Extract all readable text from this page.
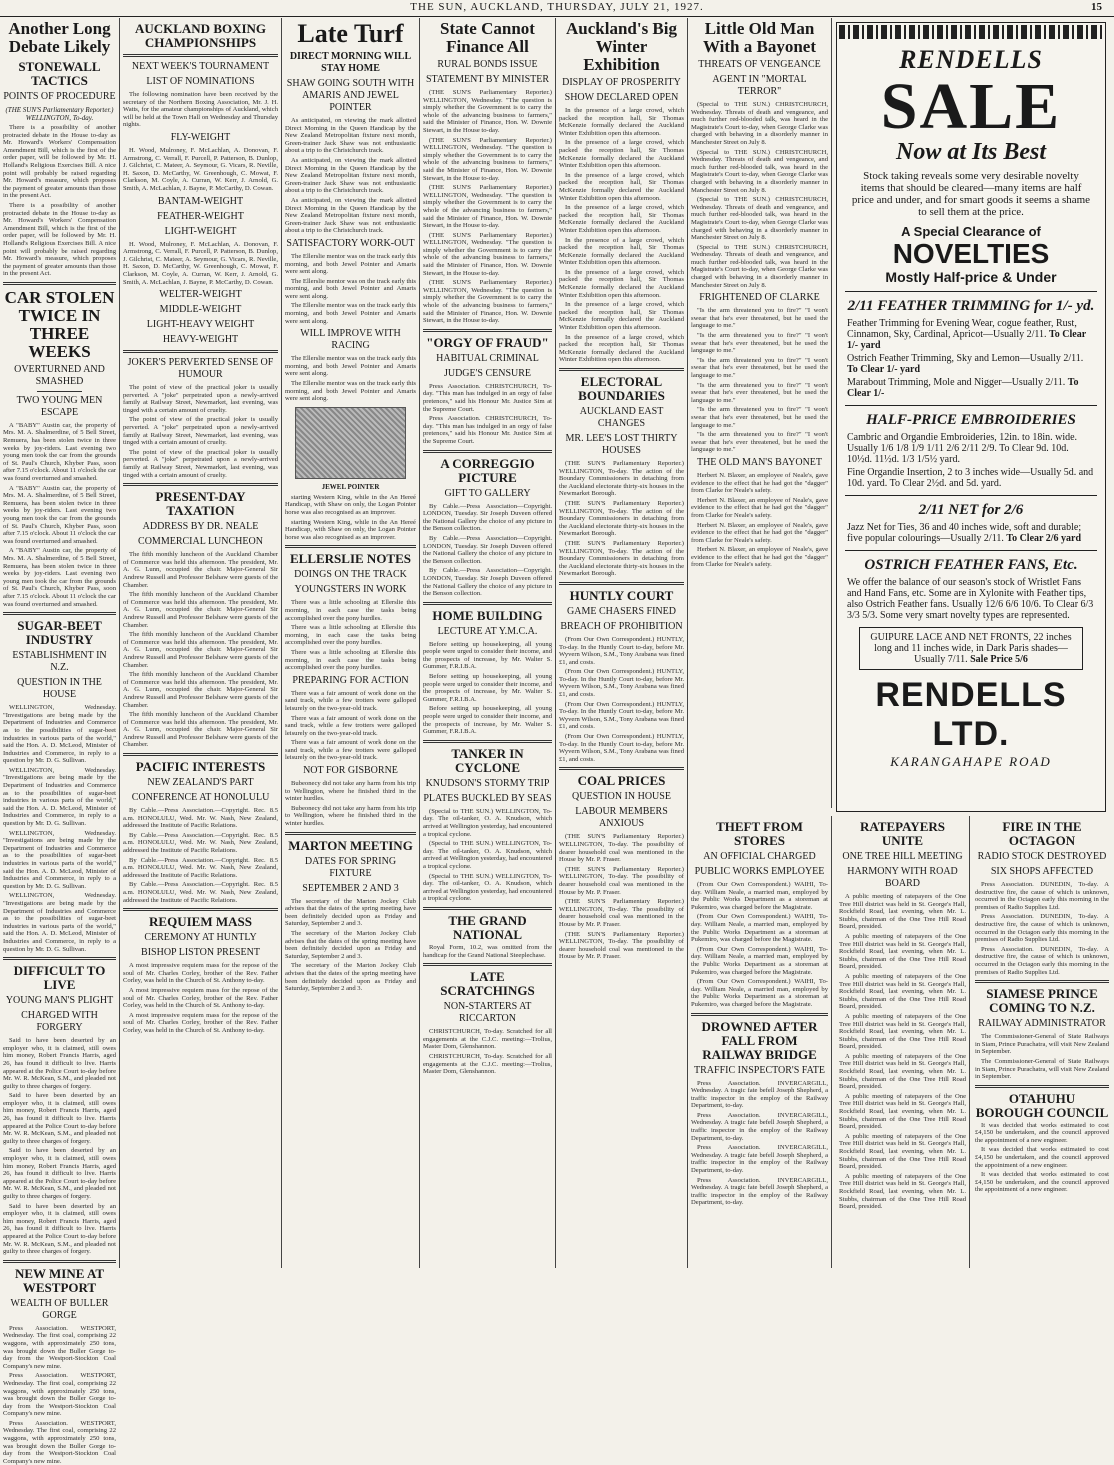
THE SUN, AUCKLAND, THURSDAY, JULY 21, 1927.	15
Another Long Debate Likely
STONEWALL TACTICS
POINTS OF PROCEDURE
(THE SUN'S Parliamentary Reporter.) WELLINGTON, To-day.

There is a possibility of another protracted debate in the House to-day as Mr. Howard's Workers' Compensation Amendment Bill, which is the first of the order paper, will be followed by Mr. H. Holland's Religious Exercises Bill. A nice point will probably be raised regarding Mr. Howard's measure, which proposes the payment of greater amounts than those in the present Act.

There is a possibility of another protracted debate in the House to-day as Mr. Howard's Workers' Compensation Amendment Bill, which is the first of the order paper, will be followed by Mr. H. Holland's Religious Exercises Bill. A nice point will probably be raised regarding Mr. Howard's measure, which proposes the payment of greater amounts than those in the present Act.

CAR STOLEN TWICE IN THREE WEEKS
OVERTURNED AND SMASHED
TWO YOUNG MEN ESCAPE

A "BABY" Austin car, the property of Mrs. M. A. Shalmerdine, of 5 Bell Street, Remuera, has been stolen twice in three weeks by joy-riders. Last evening two young men took the car from the grounds of St. Paul's Church, Khyber Pass, soon after 7.15 o'clock. About 11 o'clock the car was found overturned and smashed.

A "BABY" Austin car, the property of Mrs. M. A. Shalmerdine, of 5 Bell Street, Remuera, has been stolen twice in three weeks by joy-riders. Last evening two young men took the car from the grounds of St. Paul's Church, Khyber Pass, soon after 7.15 o'clock. About 11 o'clock the car was found overturned and smashed.

A "BABY" Austin car, the property of Mrs. M. A. Shalmerdine, of 5 Bell Street, Remuera, has been stolen twice in three weeks by joy-riders. Last evening two young men took the car from the grounds of St. Paul's Church, Khyber Pass, soon after 7.15 o'clock. About 11 o'clock the car was found overturned and smashed.

SUGAR-BEET INDUSTRY
ESTABLISHMENT IN N.Z.
QUESTION IN THE HOUSE

WELLINGTON, Wednesday. "Investigations are being made by the Department of Industries and Commerce as to the possibilities of sugar-beet industries in various parts of the world," said the Hon. A. D. McLeod, Minister of Industries and Commerce, in reply to a question by Mr. D. G. Sullivan.

WELLINGTON, Wednesday. "Investigations are being made by the Department of Industries and Commerce as to the possibilities of sugar-beet industries in various parts of the world," said the Hon. A. D. McLeod, Minister of Industries and Commerce, in reply to a question by Mr. D. G. Sullivan.

WELLINGTON, Wednesday. "Investigations are being made by the Department of Industries and Commerce as to the possibilities of sugar-beet industries in various parts of the world," said the Hon. A. D. McLeod, Minister of Industries and Commerce, in reply to a question by Mr. D. G. Sullivan.

WELLINGTON, Wednesday. "Investigations are being made by the Department of Industries and Commerce as to the possibilities of sugar-beet industries in various parts of the world," said the Hon. A. D. McLeod, Minister of Industries and Commerce, in reply to a question by Mr. D. G. Sullivan.

DIFFICULT TO LIVE
YOUNG MAN'S PLIGHT
CHARGED WITH FORGERY

Said to have been deserted by an employer who, it is claimed, still owes him money, Robert Francis Harris, aged 26, has found it difficult to live. Harris appeared at the Police Court to-day before Mr. W. R. McKean, S.M., and pleaded not guilty to three charges of forgery.

Said to have been deserted by an employer who, it is claimed, still owes him money, Robert Francis Harris, aged 26, has found it difficult to live. Harris appeared at the Police Court to-day before Mr. W. R. McKean, S.M., and pleaded not guilty to three charges of forgery.

Said to have been deserted by an employer who, it is claimed, still owes him money, Robert Francis Harris, aged 26, has found it difficult to live. Harris appeared at the Police Court to-day before Mr. W. R. McKean, S.M., and pleaded not guilty to three charges of forgery.

Said to have been deserted by an employer who, it is claimed, still owes him money, Robert Francis Harris, aged 26, has found it difficult to live. Harris appeared at the Police Court to-day before Mr. W. R. McKean, S.M., and pleaded not guilty to three charges of forgery.

NEW MINE AT WESTPORT
WEALTH OF BULLER GORGE

Press Association. WESTPORT, Wednesday. The first coal, comprising 22 waggons, with approximately 250 tons, was brought down the Buller Gorge to-day from the Westport-Stockton Coal Company's new mine.

Press Association. WESTPORT, Wednesday. The first coal, comprising 22 waggons, with approximately 250 tons, was brought down the Buller Gorge to-day from the Westport-Stockton Coal Company's new mine.

Press Association. WESTPORT, Wednesday. The first coal, comprising 22 waggons, with approximately 250 tons, was brought down the Buller Gorge to-day from the Westport-Stockton Coal Company's new mine.

AUCKLAND BOXING CHAMPIONSHIPS
NEXT WEEK'S TOURNAMENT
LIST OF NOMINATIONS

The following nomination have been received by the secretary of the Northern Boxing Association, Mr. J. H. Watts, for the amateur championships of Auckland, which will be held at the Town Hall on Wednesday and Thursday nights.

FLY-WEIGHT

H. Wood, Mulroney, F. McLachlan, A. Donovan, F. Armstrong, C. Verrall, F. Purcell, P. Patterson, B. Dunlop, J. Gilchrist, C. Mateer, A. Seymour, G. Vicars, R. Neville, H. Saxon, D. McCarthy, W. Greenhough, C. Mowat, F. Clarkson, M. Coyle, A. Curran, W. Kerr, J. Arnold, G. Smith, A. McLachlan, J. Bayne, P. McCarthy, D. Cowan.

BANTAM-WEIGHT
FEATHER-WEIGHT
LIGHT-WEIGHT

H. Wood, Mulroney, F. McLachlan, A. Donovan, F. Armstrong, C. Verrall, F. Purcell, P. Patterson, B. Dunlop, J. Gilchrist, C. Mateer, A. Seymour, G. Vicars, R. Neville, H. Saxon, D. McCarthy, W. Greenhough, C. Mowat, F. Clarkson, M. Coyle, A. Curran, W. Kerr, J. Arnold, G. Smith, A. McLachlan, J. Bayne, P. McCarthy, D. Cowan.

WELTER-WEIGHT
MIDDLE-WEIGHT
LIGHT-HEAVY WEIGHT
HEAVY-WEIGHT
JOKER'S PERVERTED SENSE OF HUMOUR

The point of view of the practical joker is usually perverted. A "joke" perpetrated upon a newly-arrived family at Railway Street, Newmarket, last evening, was tinged with a certain amount of cruelty.

The point of view of the practical joker is usually perverted. A "joke" perpetrated upon a newly-arrived family at Railway Street, Newmarket, last evening, was tinged with a certain amount of cruelty.

The point of view of the practical joker is usually perverted. A "joke" perpetrated upon a newly-arrived family at Railway Street, Newmarket, last evening, was tinged with a certain amount of cruelty.

PRESENT-DAY TAXATION
ADDRESS BY DR. NEALE
COMMERCIAL LUNCHEON

The fifth monthly luncheon of the Auckland Chamber of Commerce was held this afternoon. The president, Mr. A. G. Lunn, occupied the chair. Major-General Sir Andrew Russell and Professor Belshaw were guests of the Chamber.

The fifth monthly luncheon of the Auckland Chamber of Commerce was held this afternoon. The president, Mr. A. G. Lunn, occupied the chair. Major-General Sir Andrew Russell and Professor Belshaw were guests of the Chamber.

The fifth monthly luncheon of the Auckland Chamber of Commerce was held this afternoon. The president, Mr. A. G. Lunn, occupied the chair. Major-General Sir Andrew Russell and Professor Belshaw were guests of the Chamber.

The fifth monthly luncheon of the Auckland Chamber of Commerce was held this afternoon. The president, Mr. A. G. Lunn, occupied the chair. Major-General Sir Andrew Russell and Professor Belshaw were guests of the Chamber.

The fifth monthly luncheon of the Auckland Chamber of Commerce was held this afternoon. The president, Mr. A. G. Lunn, occupied the chair. Major-General Sir Andrew Russell and Professor Belshaw were guests of the Chamber.

PACIFIC INTERESTS
NEW ZEALAND'S PART
CONFERENCE AT HONOLULU

By Cable.—Press Association.—Copyright. Rec. 8.5 a.m. HONOLULU, Wed. Mr. W. Nash, New Zealand, addressed the Institute of Pacific Relations.

By Cable.—Press Association.—Copyright. Rec. 8.5 a.m. HONOLULU, Wed. Mr. W. Nash, New Zealand, addressed the Institute of Pacific Relations.

By Cable.—Press Association.—Copyright. Rec. 8.5 a.m. HONOLULU, Wed. Mr. W. Nash, New Zealand, addressed the Institute of Pacific Relations.

By Cable.—Press Association.—Copyright. Rec. 8.5 a.m. HONOLULU, Wed. Mr. W. Nash, New Zealand, addressed the Institute of Pacific Relations.

REQUIEM MASS
CEREMONY AT HUNTLY
BISHOP LISTON PRESENT

A most impressive requiem mass for the repose of the soul of Mr. Charles Corley, brother of the Rev. Father Corley, was held in the Church of St. Anthony to-day.

A most impressive requiem mass for the repose of the soul of Mr. Charles Corley, brother of the Rev. Father Corley, was held in the Church of St. Anthony to-day.

A most impressive requiem mass for the repose of the soul of Mr. Charles Corley, brother of the Rev. Father Corley, was held in the Church of St. Anthony to-day.

Late Turf
DIRECT MORNING WILL STAY HOME
SHAW GOING SOUTH WITH AMARIS AND JEWEL POINTER

As anticipated, on viewing the mark allotted Direct Morning in the Queen Handicap by the New Zealand Metropolitan fixture next month, Green-trainer Jack Shaw was not enthusiastic about a trip to the Christchurch track.

As anticipated, on viewing the mark allotted Direct Morning in the Queen Handicap by the New Zealand Metropolitan fixture next month, Green-trainer Jack Shaw was not enthusiastic about a trip to the Christchurch track.

As anticipated, on viewing the mark allotted Direct Morning in the Queen Handicap by the New Zealand Metropolitan fixture next month, Green-trainer Jack Shaw was not enthusiastic about a trip to the Christchurch track.

SATISFACTORY WORK-OUT

The Ellerslie mentor was on the track early this morning, and both Jewel Pointer and Amaris were sent along.

The Ellerslie mentor was on the track early this morning, and both Jewel Pointer and Amaris were sent along.

The Ellerslie mentor was on the track early this morning, and both Jewel Pointer and Amaris were sent along.

WILL IMPROVE WITH RACING

The Ellerslie mentor was on the track early this morning, and both Jewel Pointer and Amaris were sent along.

The Ellerslie mentor was on the track early this morning, and both Jewel Pointer and Amaris were sent along.

JEWEL POINTER

starting Western King, while in the An Hereé Handicap, with Shaw on only, the Logan Pointer horse was also recognised as an improver.

starting Western King, while in the An Hereé Handicap, with Shaw on only, the Logan Pointer horse was also recognised as an improver.

ELLERSLIE NOTES
DOINGS ON THE TRACK
YOUNGSTERS IN WORK

There was a little schooling at Ellerslie this morning, in each case the tasks being accomplished over the pony hurdles.

There was a little schooling at Ellerslie this morning, in each case the tasks being accomplished over the pony hurdles.

There was a little schooling at Ellerslie this morning, in each case the tasks being accomplished over the pony hurdles.

PREPARING FOR ACTION

There was a fair amount of work done on the sand track, while a few trotters were galloped leisurely on the two-year-old track.

There was a fair amount of work done on the sand track, while a few trotters were galloped leisurely on the two-year-old track.

There was a fair amount of work done on the sand track, while a few trotters were galloped leisurely on the two-year-old track.

NOT FOR GISBORNE

Bubeonecy did not take any harm from his trip to Wellington, where he finished third in the winter hurdles.

Bubeonecy did not take any harm from his trip to Wellington, where he finished third in the winter hurdles.

MARTON MEETING
DATES FOR SPRING FIXTURE
SEPTEMBER 2 AND 3

The secretary of the Marton Jockey Club advises that the dates of the spring meeting have been definitely decided upon as Friday and Saturday, September 2 and 3.

The secretary of the Marton Jockey Club advises that the dates of the spring meeting have been definitely decided upon as Friday and Saturday, September 2 and 3.

The secretary of the Marton Jockey Club advises that the dates of the spring meeting have been definitely decided upon as Friday and Saturday, September 2 and 3.

State Cannot Finance All
RURAL BONDS ISSUE
STATEMENT BY MINISTER

(THE SUN'S Parliamentary Reporter.) WELLINGTON, Wednesday. "The question is simply whether the Government is to carry the whole of the advancing business to farmers," said the Minister of Finance, Hon. W. Downie Stewart, in the House to-day.

(THE SUN'S Parliamentary Reporter.) WELLINGTON, Wednesday. "The question is simply whether the Government is to carry the whole of the advancing business to farmers," said the Minister of Finance, Hon. W. Downie Stewart, in the House to-day.

(THE SUN'S Parliamentary Reporter.) WELLINGTON, Wednesday. "The question is simply whether the Government is to carry the whole of the advancing business to farmers," said the Minister of Finance, Hon. W. Downie Stewart, in the House to-day.

(THE SUN'S Parliamentary Reporter.) WELLINGTON, Wednesday. "The question is simply whether the Government is to carry the whole of the advancing business to farmers," said the Minister of Finance, Hon. W. Downie Stewart, in the House to-day.

(THE SUN'S Parliamentary Reporter.) WELLINGTON, Wednesday. "The question is simply whether the Government is to carry the whole of the advancing business to farmers," said the Minister of Finance, Hon. W. Downie Stewart, in the House to-day.

"ORGY OF FRAUD"
HABITUAL CRIMINAL
JUDGE'S CENSURE

Press Association. CHRISTCHURCH, To-day. "This man has indulged in an orgy of false pretences," said his Honour Mr. Justice Sim at the Supreme Court.

Press Association. CHRISTCHURCH, To-day. "This man has indulged in an orgy of false pretences," said his Honour Mr. Justice Sim at the Supreme Court.

A CORREGGIO PICTURE
GIFT TO GALLERY

By Cable.—Press Association—Copyright. LONDON, Tuesday. Sir Joseph Duveen offered the National Gallery the choice of any picture in the Benson collection.

By Cable.—Press Association—Copyright. LONDON, Tuesday. Sir Joseph Duveen offered the National Gallery the choice of any picture in the Benson collection.

By Cable.—Press Association—Copyright. LONDON, Tuesday. Sir Joseph Duveen offered the National Gallery the choice of any picture in the Benson collection.

HOME BUILDING
LECTURE AT Y.M.C.A.

Before setting up housekeeping, all young people were urged to consider their income, and the prospects of increase, by Mr. Walter S. Gummer, F.R.I.B.A.

Before setting up housekeeping, all young people were urged to consider their income, and the prospects of increase, by Mr. Walter S. Gummer, F.R.I.B.A.

Before setting up housekeeping, all young people were urged to consider their income, and the prospects of increase, by Mr. Walter S. Gummer, F.R.I.B.A.

TANKER IN CYCLONE
KNUDSON'S STORMY TRIP
PLATES BUCKLED BY SEAS

(Special to THE SUN.) WELLINGTON, To-day. The oil-tanker, O. A. Knudson, which arrived at Wellington yesterday, had encountered a tropical cyclone.

(Special to THE SUN.) WELLINGTON, To-day. The oil-tanker, O. A. Knudson, which arrived at Wellington yesterday, had encountered a tropical cyclone.

(Special to THE SUN.) WELLINGTON, To-day. The oil-tanker, O. A. Knudson, which arrived at Wellington yesterday, had encountered a tropical cyclone.

THE GRAND NATIONAL

Royal Form, 10.2, was omitted from the handicap for the Grand National Steeplechase.

LATE SCRATCHINGS
NON-STARTERS AT RICCARTON

CHRISTCHURCH, To-day. Scratched for all engagements at the C.J.C. meeting:—Trolius, Master Dom, Glenshannon.

CHRISTCHURCH, To-day. Scratched for all engagements at the C.J.C. meeting:—Trolius, Master Dom, Glenshannon.

Auckland's Big Winter Exhibition
DISPLAY OF PROSPERITY
SHOW DECLARED OPEN

In the presence of a large crowd, which packed the reception hall, Sir Thomas McKenzie formally declared the Auckland Winter Exhibition open this afternoon.

In the presence of a large crowd, which packed the reception hall, Sir Thomas McKenzie formally declared the Auckland Winter Exhibition open this afternoon.

In the presence of a large crowd, which packed the reception hall, Sir Thomas McKenzie formally declared the Auckland Winter Exhibition open this afternoon.

In the presence of a large crowd, which packed the reception hall, Sir Thomas McKenzie formally declared the Auckland Winter Exhibition open this afternoon.

In the presence of a large crowd, which packed the reception hall, Sir Thomas McKenzie formally declared the Auckland Winter Exhibition open this afternoon.

In the presence of a large crowd, which packed the reception hall, Sir Thomas McKenzie formally declared the Auckland Winter Exhibition open this afternoon.

In the presence of a large crowd, which packed the reception hall, Sir Thomas McKenzie formally declared the Auckland Winter Exhibition open this afternoon.

In the presence of a large crowd, which packed the reception hall, Sir Thomas McKenzie formally declared the Auckland Winter Exhibition open this afternoon.

ELECTORAL BOUNDARIES
AUCKLAND EAST CHANGES
MR. LEE'S LOST THIRTY HOUSES

(THE SUN'S Parliamentary Reporter.) WELLINGTON, To-day. The action of the Boundary Commissioners in detaching from the Auckland electorate thirty-six houses in the Newmarket Borough.

(THE SUN'S Parliamentary Reporter.) WELLINGTON, To-day. The action of the Boundary Commissioners in detaching from the Auckland electorate thirty-six houses in the Newmarket Borough.

(THE SUN'S Parliamentary Reporter.) WELLINGTON, To-day. The action of the Boundary Commissioners in detaching from the Auckland electorate thirty-six houses in the Newmarket Borough.

HUNTLY COURT
GAME CHASERS FINED
BREACH OF PROHIBITION

(From Our Own Correspondent.) HUNTLY, To-day. In the Huntly Court to-day, before Mr. Wyvern Wilson, S.M., Tony Arabana was fined £1, and costs.

(From Our Own Correspondent.) HUNTLY, To-day. In the Huntly Court to-day, before Mr. Wyvern Wilson, S.M., Tony Arabana was fined £1, and costs.

(From Our Own Correspondent.) HUNTLY, To-day. In the Huntly Court to-day, before Mr. Wyvern Wilson, S.M., Tony Arabana was fined £1, and costs.

(From Our Own Correspondent.) HUNTLY, To-day. In the Huntly Court to-day, before Mr. Wyvern Wilson, S.M., Tony Arabana was fined £1, and costs.

COAL PRICES
QUESTION IN HOUSE
LABOUR MEMBERS ANXIOUS

(THE SUN'S Parliamentary Reporter.) WELLINGTON, To-day. The possibility of dearer household coal was mentioned in the House by Mr. P. Fraser.

(THE SUN'S Parliamentary Reporter.) WELLINGTON, To-day. The possibility of dearer household coal was mentioned in the House by Mr. P. Fraser.

(THE SUN'S Parliamentary Reporter.) WELLINGTON, To-day. The possibility of dearer household coal was mentioned in the House by Mr. P. Fraser.

(THE SUN'S Parliamentary Reporter.) WELLINGTON, To-day. The possibility of dearer household coal was mentioned in the House by Mr. P. Fraser.

Little Old Man With a Bayonet
THREATS OF VENGEANCE
AGENT IN "MORTAL TERROR"

(Special to THE SUN.) CHRISTCHURCH, Wednesday. Threats of death and vengeance, and much further red-blooded talk, was heard in the Magistrate's Court to-day, when George Clarke was charged with behaving in a disorderly manner in Manchester Street on July 8.

(Special to THE SUN.) CHRISTCHURCH, Wednesday. Threats of death and vengeance, and much further red-blooded talk, was heard in the Magistrate's Court to-day, when George Clarke was charged with behaving in a disorderly manner in Manchester Street on July 8.

(Special to THE SUN.) CHRISTCHURCH, Wednesday. Threats of death and vengeance, and much further red-blooded talk, was heard in the Magistrate's Court to-day, when George Clarke was charged with behaving in a disorderly manner in Manchester Street on July 8.

(Special to THE SUN.) CHRISTCHURCH, Wednesday. Threats of death and vengeance, and much further red-blooded talk, was heard in the Magistrate's Court to-day, when George Clarke was charged with behaving in a disorderly manner in Manchester Street on July 8.

FRIGHTENED OF CLARKE

"Is the arm threatened you to fire?" "I won't swear that he's ever threatened, but he used the language to me."

"Is the arm threatened you to fire?" "I won't swear that he's ever threatened, but he used the language to me."

"Is the arm threatened you to fire?" "I won't swear that he's ever threatened, but he used the language to me."

"Is the arm threatened you to fire?" "I won't swear that he's ever threatened, but he used the language to me."

"Is the arm threatened you to fire?" "I won't swear that he's ever threatened, but he used the language to me."

"Is the arm threatened you to fire?" "I won't swear that he's ever threatened, but he used the language to me."

THE OLD MAN'S BAYONET

Herbert N. Blaxer, an employee of Neale's, gave evidence to the effect that he had got the "dagger" from Clarke for Neale's safety.

Herbert N. Blaxer, an employee of Neale's, gave evidence to the effect that he had got the "dagger" from Clarke for Neale's safety.

Herbert N. Blaxer, an employee of Neale's, gave evidence to the effect that he had got the "dagger" from Clarke for Neale's safety.

Herbert N. Blaxer, an employee of Neale's, gave evidence to the effect that he had got the "dagger" from Clarke for Neale's safety.

THEFT FROM STORES
AN OFFICIAL CHARGED
PUBLIC WORKS EMPLOYEE

(From Our Own Correspondent.) WAIHI, To-day. William Neale, a married man, employed by the Public Works Department as a storeman at Pukemiro, was charged before the Magistrate.

(From Our Own Correspondent.) WAIHI, To-day. William Neale, a married man, employed by the Public Works Department as a storeman at Pukemiro, was charged before the Magistrate.

(From Our Own Correspondent.) WAIHI, To-day. William Neale, a married man, employed by the Public Works Department as a storeman at Pukemiro, was charged before the Magistrate.

(From Our Own Correspondent.) WAIHI, To-day. William Neale, a married man, employed by the Public Works Department as a storeman at Pukemiro, was charged before the Magistrate.

DROWNED AFTER FALL FROM RAILWAY BRIDGE
TRAFFIC INSPECTOR'S FATE

Press Association. INVERCARGILL, Wednesday. A tragic fate befell Joseph Shepherd, a traffic inspector in the employ of the Railway Department, to-day.

Press Association. INVERCARGILL, Wednesday. A tragic fate befell Joseph Shepherd, a traffic inspector in the employ of the Railway Department, to-day.

Press Association. INVERCARGILL, Wednesday. A tragic fate befell Joseph Shepherd, a traffic inspector in the employ of the Railway Department, to-day.

Press Association. INVERCARGILL, Wednesday. A tragic fate befell Joseph Shepherd, a traffic inspector in the employ of the Railway Department, to-day.

RATEPAYERS UNITE
ONE TREE HILL MEETING
HARMONY WITH ROAD BOARD

A public meeting of ratepayers of the One Tree Hill district was held in St. George's Hall, Rockfield Road, last evening, when Mr. L. Stubbs, chairman of the One Tree Hill Road Board, presided.

A public meeting of ratepayers of the One Tree Hill district was held in St. George's Hall, Rockfield Road, last evening, when Mr. L. Stubbs, chairman of the One Tree Hill Road Board, presided.

A public meeting of ratepayers of the One Tree Hill district was held in St. George's Hall, Rockfield Road, last evening, when Mr. L. Stubbs, chairman of the One Tree Hill Road Board, presided.

A public meeting of ratepayers of the One Tree Hill district was held in St. George's Hall, Rockfield Road, last evening, when Mr. L. Stubbs, chairman of the One Tree Hill Road Board, presided.

A public meeting of ratepayers of the One Tree Hill district was held in St. George's Hall, Rockfield Road, last evening, when Mr. L. Stubbs, chairman of the One Tree Hill Road Board, presided.

A public meeting of ratepayers of the One Tree Hill district was held in St. George's Hall, Rockfield Road, last evening, when Mr. L. Stubbs, chairman of the One Tree Hill Road Board, presided.

A public meeting of ratepayers of the One Tree Hill district was held in St. George's Hall, Rockfield Road, last evening, when Mr. L. Stubbs, chairman of the One Tree Hill Road Board, presided.

A public meeting of ratepayers of the One Tree Hill district was held in St. George's Hall, Rockfield Road, last evening, when Mr. L. Stubbs, chairman of the One Tree Hill Road Board, presided.

FIRE IN THE OCTAGON
RADIO STOCK DESTROYED
SIX SHOPS AFFECTED

Press Association. DUNEDIN, To-day. A destructive fire, the cause of which is unknown, occurred in the Octagon early this morning in the premises of Radio Supplies Ltd.

Press Association. DUNEDIN, To-day. A destructive fire, the cause of which is unknown, occurred in the Octagon early this morning in the premises of Radio Supplies Ltd.

Press Association. DUNEDIN, To-day. A destructive fire, the cause of which is unknown, occurred in the Octagon early this morning in the premises of Radio Supplies Ltd.

SIAMESE PRINCE COMING TO N.Z.
RAILWAY ADMINISTRATOR

The Commissioner-General of State Railways in Siam, Prince Purachatra, will visit New Zealand in September.

The Commissioner-General of State Railways in Siam, Prince Purachatra, will visit New Zealand in September.

OTAHUHU BOROUGH COUNCIL

It was decided that works estimated to cost £4,150 be undertaken, and the council approved the appointment of a new engineer.

It was decided that works estimated to cost £4,150 be undertaken, and the council approved the appointment of a new engineer.

It was decided that works estimated to cost £4,150 be undertaken, and the council approved the appointment of a new engineer.

RENDELLS
SALE
Now at Its Best
Stock taking reveals some very desirable novelty items that should be cleared—many items are half price and under, and for smart goods it seems a shame to sell them at the price.
A Special Clearance of
NOVELTIES
Mostly Half-price & Under
2/11 FEATHER TRIMMING for 1/- yd.
Feather Trimming for Evening Wear, cogue feather, Rust, Cinnamon, Sky, Cardinal, Apricot—Usually 2/11. To Clear 1/- yard
Ostrich Feather Trimming, Sky and Lemon—Usually 2/11. To Clear 1/- yard
Marabout Trimming, Mole and Nigger—Usually 2/11. To Clear 1/-
HALF-PRICE EMBROIDERIES
Cambric and Organdie Embroideries, 12in. to 18in. wide. Usually 1/6 1/8 1/9 1/11 2/6 2/11 2/9. To Clear 9d. 10d. 10½d. 11½d. 1/3 1/5½ yard.
Fine Organdie Insertion, 2 to 3 inches wide—Usually 5d. and 10d. yard. To Clear 2½d. and 5d. yard.
2/11 NET for 2/6
Jazz Net for Ties, 36 and 40 inches wide, soft and durable; five popular colourings—Usually 2/11. To Clear 2/6 yard
OSTRICH FEATHER FANS, Etc.
We offer the balance of our season's stock of Wristlet Fans and Hand Fans, etc. Some are in Xylonite with Feather tips, also Ostrich Feather fans. Usually 12/6 6/6 10/6. To Clear 6/3 3/3 5/3. Some very smart novelty types are represented.
GUIPURE LACE AND NET FRONTS, 22 inches long and 11 inches wide, in Dark Paris shades—Usually 7/11. Sale Price 5/6
RENDELLS LTD.
KARANGAHAPE ROAD
